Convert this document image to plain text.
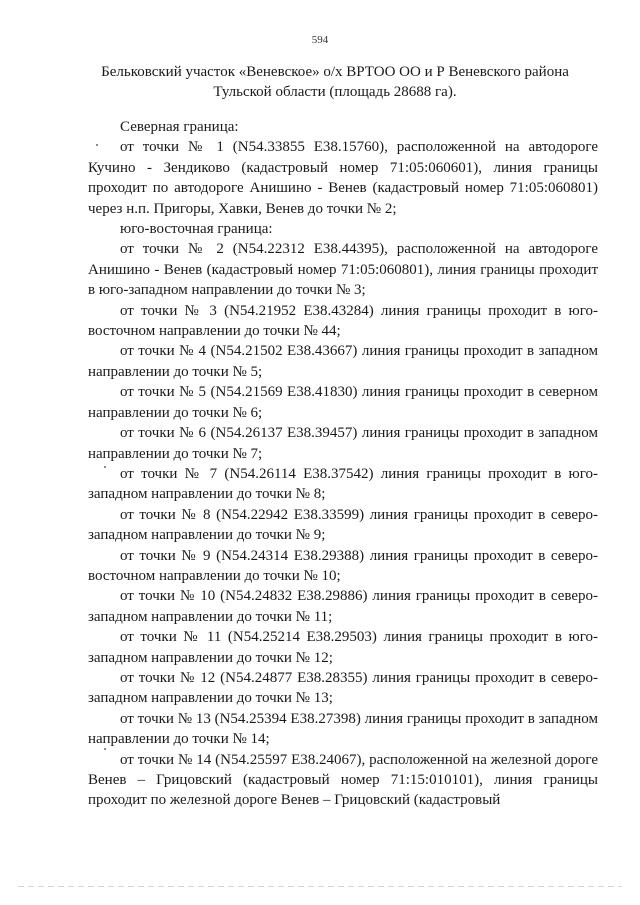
594
Бельковский участок «Веневское» о/х ВРТОО ОО и Р Веневского района
Тульской области (площадь 28688 га).

Северная граница:

от точки № 1 (N54.33855 E38.15760), расположенной на автодороге Кучино - Зендиково (кадастровый номер 71:05:060601), линия границы проходит по автодороге Анишино - Венев (кадастровый номер 71:05:060801) через н.п. Пригоры, Хавки, Венев до точки № 2;

юго-восточная граница:

от точки № 2 (N54.22312 E38.44395), расположенной на автодороге Анишино - Венев (кадастровый номер 71:05:060801), линия границы проходит в юго-западном направлении до точки № 3;

от точки № 3 (N54.21952 E38.43284) линия границы проходит в юго-восточном направлении до точки № 44;

от точки № 4 (N54.21502 E38.43667) линия границы проходит в западном направлении до точки № 5;

от точки № 5 (N54.21569 E38.41830) линия границы проходит в северном направлении до точки № 6;

от точки № 6 (N54.26137 E38.39457) линия границы проходит в западном направлении до точки № 7;

от точки № 7 (N54.26114 E38.37542) линия границы проходит в юго-западном направлении до точки № 8;

от точки № 8 (N54.22942 E38.33599) линия границы проходит в северо-западном направлении до точки № 9;

от точки № 9 (N54.24314 E38.29388) линия границы проходит в северо-восточном направлении до точки № 10;

от точки № 10 (N54.24832 E38.29886) линия границы проходит в северо-западном направлении до точки № 11;

от точки № 11 (N54.25214 E38.29503) линия границы проходит в юго-западном направлении до точки № 12;

от точки № 12 (N54.24877 E38.28355) линия границы проходит в северо-западном направлении до точки № 13;

от точки № 13 (N54.25394 E38.27398) линия границы проходит в западном направлении до точки № 14;

от точки № 14 (N54.25597 E38.24067), расположенной на железной дороге Венев – Грицовский (кадастровый номер 71:15:010101), линия границы проходит по железной дороге Венев – Грицовский (кадастровый
